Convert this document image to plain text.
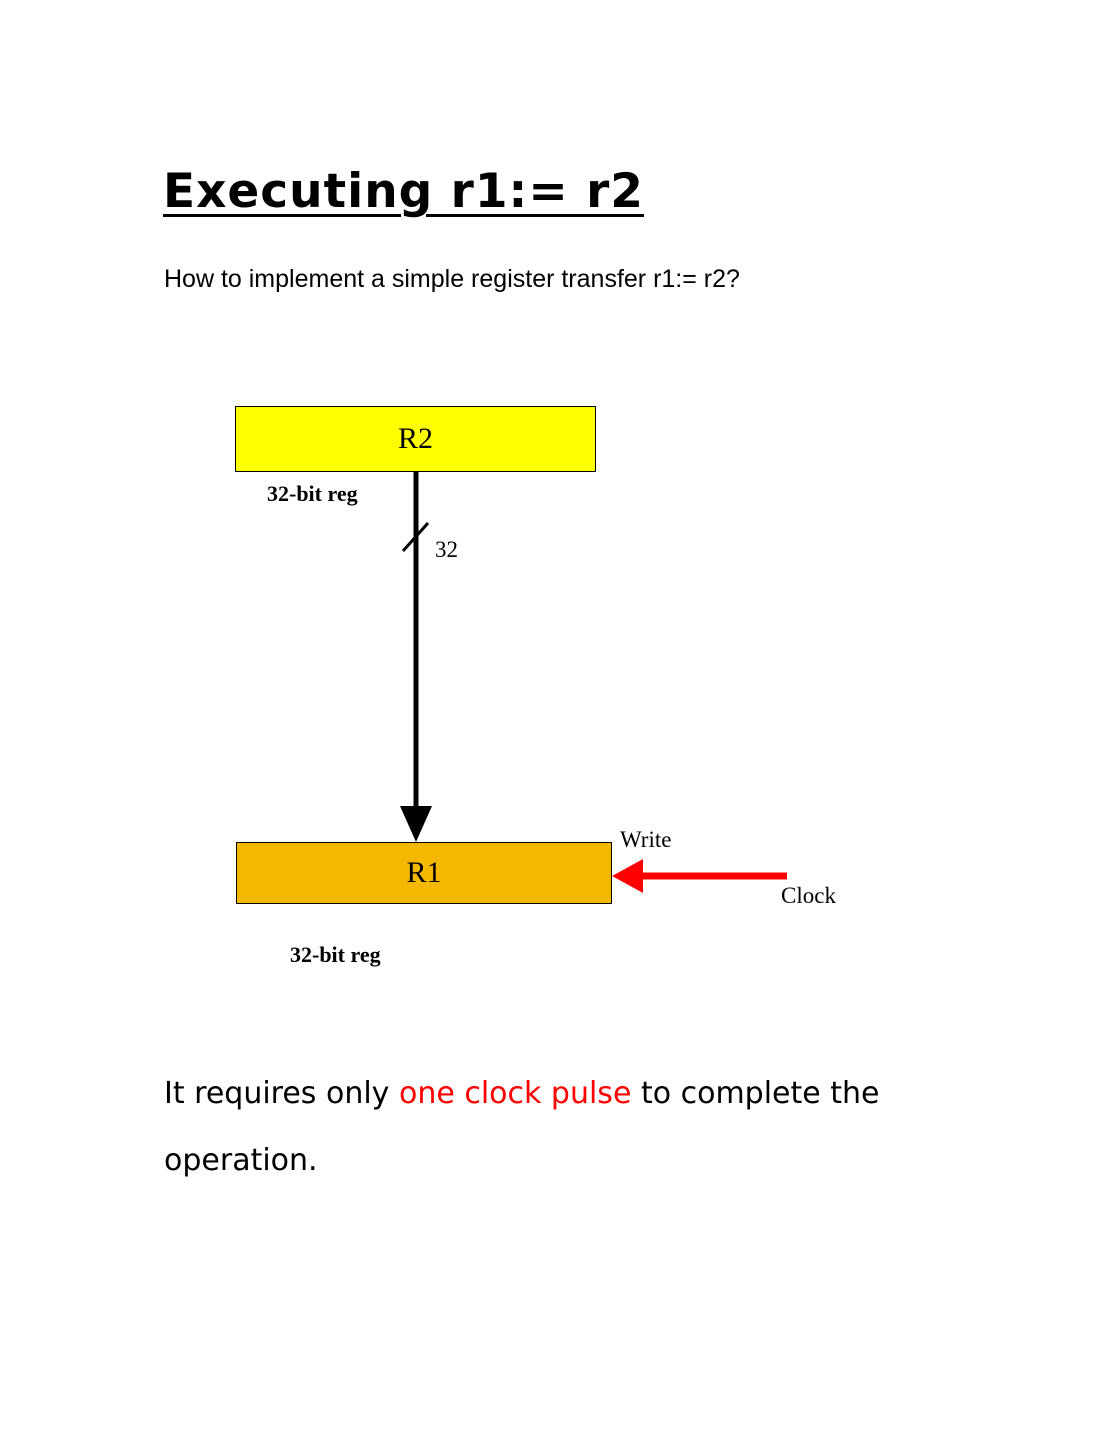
Executing r1:= r2

How to implement a simple register transfer r1:= r2?

R2
32-bit reg
32
R1
32-bit reg
Write
Clock

It requires only one clock pulse to complete the operation.
